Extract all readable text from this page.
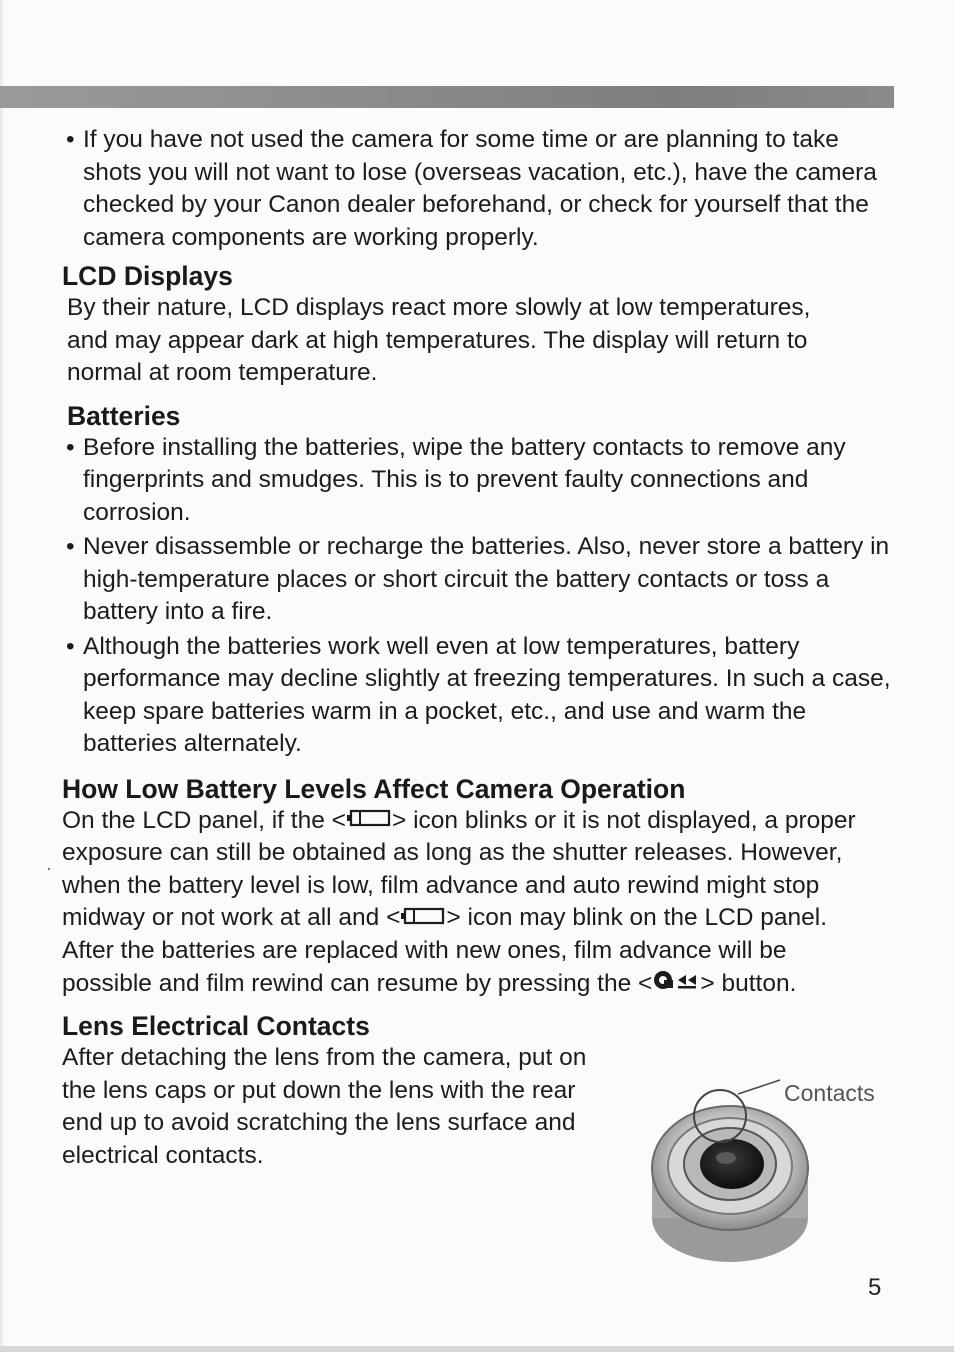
• If you have not used the camera for some time or are planning to take shots you will not want to lose (overseas vacation, etc.), have the camera checked by your Canon dealer beforehand, or check for yourself that the camera components are working properly.
LCD Displays

By their nature, LCD displays react more slowly at low temperatures, and may appear dark at high temperatures. The display will return to normal at room temperature.

Batteries
• Before installing the batteries, wipe the battery contacts to remove any fingerprints and smudges. This is to prevent faulty connections and corrosion.
• Never disassemble or recharge the batteries. Also, never store a battery in high-temperature places or short circuit the battery contacts or toss a battery into a fire.
• Although the batteries work well even at low temperatures, battery performance may decline slightly at freezing temperatures. In such a case, keep spare batteries warm in a pocket, etc., and use and warm the batteries alternately.
How Low Battery Levels Affect Camera Operation

On the LCD panel, if the < > icon blinks or it is not displayed, a proper exposure can still be obtained as long as the shutter releases. However, when the battery level is low, film advance and auto rewind might stop midway or not work at all and < > icon may blink on the LCD panel. After the batteries are replaced with new ones, film advance will be possible and film rewind can resume by pressing the < > button.

Lens Electrical Contacts

After detaching the lens from the camera, put on the lens caps or put down the lens with the rear end up to avoid scratching the lens surface and electrical contacts.

·
Contacts
5
